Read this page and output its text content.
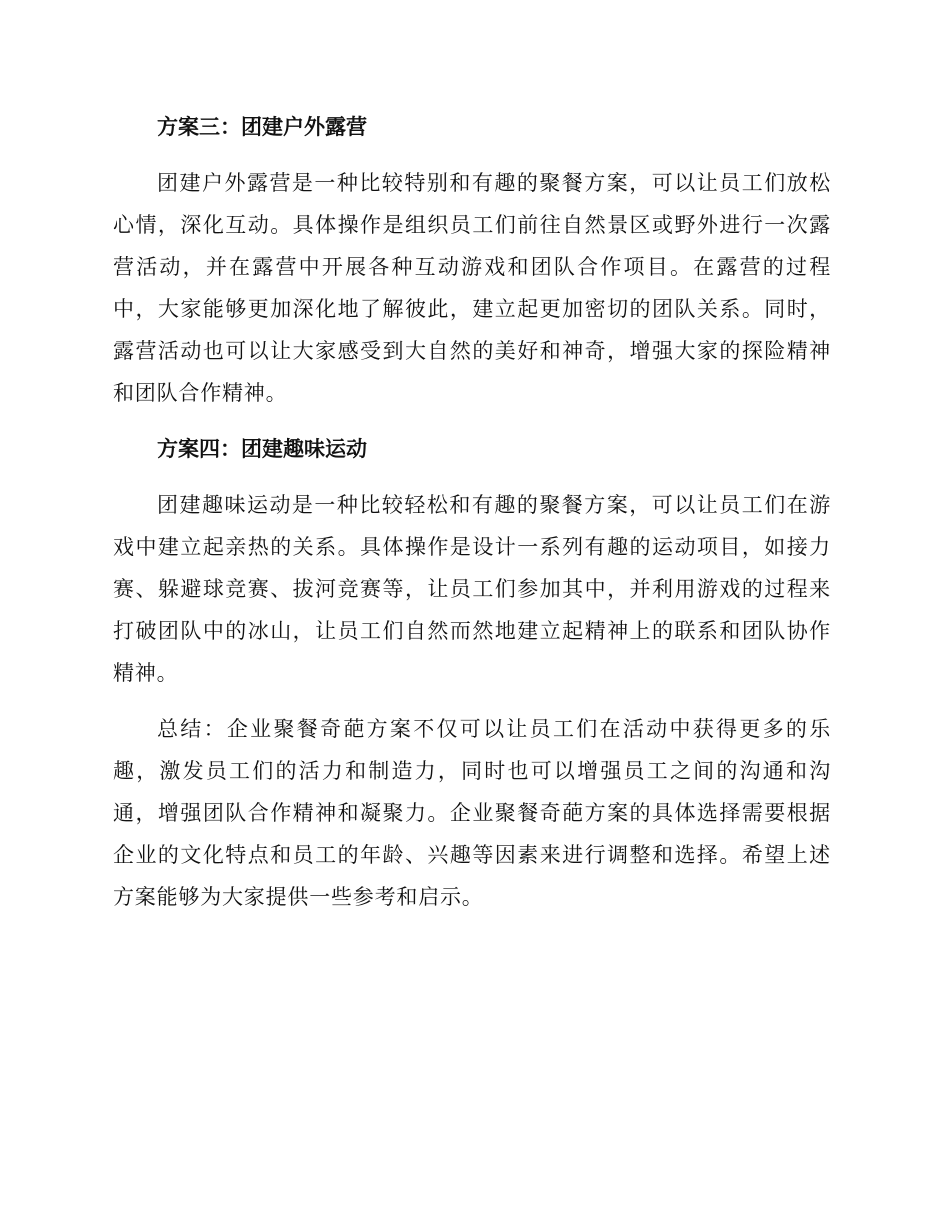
方案三：团建户外露营

团建户外露营是一种比较特别和有趣的聚餐方案，可以让员工们放松心情，深化互动。具体操作是组织员工们前往自然景区或野外进行一次露营活动，并在露营中开展各种互动游戏和团队合作项目。在露营的过程中，大家能够更加深化地了解彼此，建立起更加密切的团队关系。同时，露营活动也可以让大家感受到大自然的美好和神奇，增强大家的探险精神和团队合作精神。

方案四：团建趣味运动

团建趣味运动是一种比较轻松和有趣的聚餐方案，可以让员工们在游戏中建立起亲热的关系。具体操作是设计一系列有趣的运动项目，如接力赛、躲避球竞赛、拔河竞赛等，让员工们参加其中，并利用游戏的过程来打破团队中的冰山，让员工们自然而然地建立起精神上的联系和团队协作精神。

总结：企业聚餐奇葩方案不仅可以让员工们在活动中获得更多的乐趣，激发员工们的活力和制造力，同时也可以增强员工之间的沟通和沟通，增强团队合作精神和凝聚力。企业聚餐奇葩方案的具体选择需要根据企业的文化特点和员工的年龄、兴趣等因素来进行调整和选择。希望上述方案能够为大家提供一些参考和启示。
